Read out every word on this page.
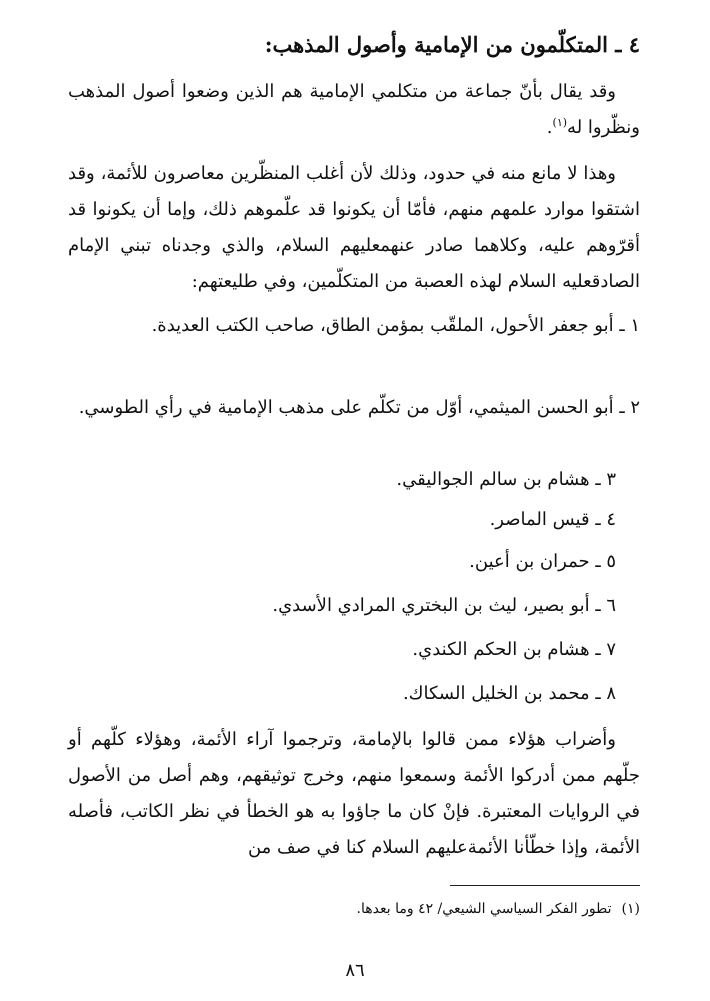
٤ ـ المتكلّمون من الإمامية وأصول المذهب:
وقد يقال بأنّ جماعة من متكلمي الإمامية هم الذين وضعوا أصول المذهب ونظّروا له$^{(١)}$.
وهذا لا مانع منه في حدود، وذلك لأن أغلب المنظّرين معاصرون للأئمة، وقد اشتقوا موارد علمهم منهم، فأمّا أن يكونوا قد علّموهم ذلك، وإما أن يكونوا قد أقرّوهم عليه، وكلاهما صادر عنهمعليهم السلام، والذي وجدناه تبني الإمام الصادقعليه السلام لهذه العصبة من المتكلّمين، وفي طليعتهم:
١ ـ أبو جعفر الأحول، الملقّب بمؤمن الطاق، صاحب الكتب العديدة.
٢ ـ أبو الحسن الميثمي، أوّل من تكلّم على مذهب الإمامية في رأي الطوسي.
٣ ـ هشام بن سالم الجواليقي.
٤ ـ قيس الماصر.
٥ ـ حمران بن أعين.
٦ ـ أبو بصير، ليث بن البختري المرادي الأسدي.
٧ ـ هشام بن الحكم الكندي.
٨ ـ محمد بن الخليل السكاك.
وأضراب هؤلاء ممن قالوا بالإمامة، وترجموا آراء الأئمة، وهؤلاء كلّهم أو جلّهم ممن أدركوا الأئمة وسمعوا منهم، وخرج توثيقهم، وهم أصل من الأصول في الروايات المعتبرة. فإنْ كان ما جاؤوا به هو الخطأ في نظر الكاتب، فأصله الأئمة، وإذا خطّأنا الأئمةعليهم السلام كنا في صف من
(١)تطور الفكر السياسي الشيعي/ ٤٢ وما بعدها.
٨٦
